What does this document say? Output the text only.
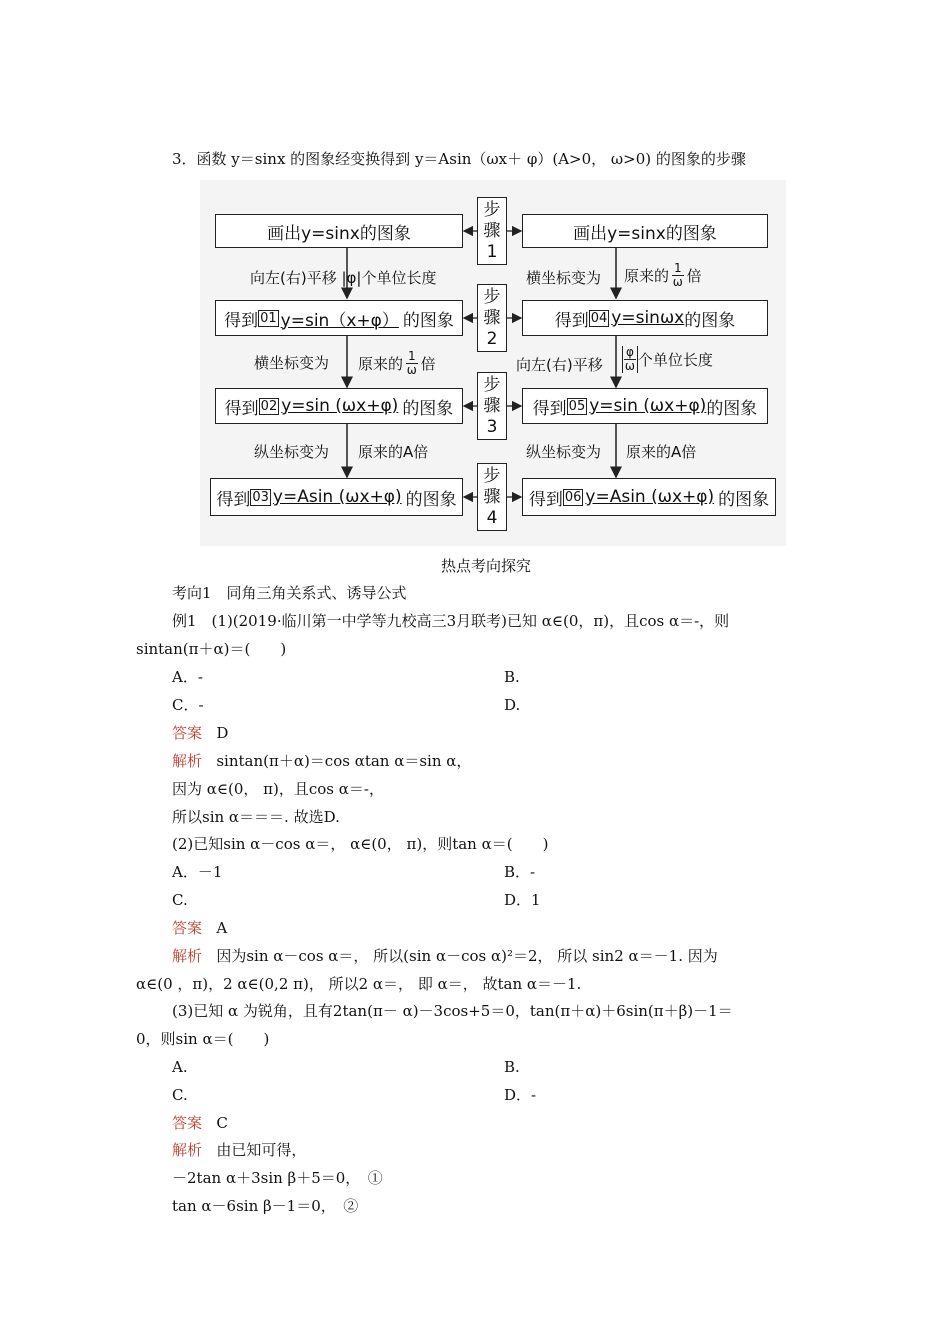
3．函数 y＝sinx 的图象经变换得到 y＝Asin（ωx＋ φ）(A>0， ω>0) 的图象的步骤
画出y=sinx的图象
向左(右)平移 |φ|个单位长度
得到 01 y=sin（x+φ） 的图象
横坐标变为 原来的 $\frac{1}{\omega}$ 倍
得到 02 y=sin (ωx+φ) 的图象
纵坐标变为 原来的A倍
得到 03 y=Asin (ωx+φ) 的图象
步
骤
1
步
骤
2
步
骤
3
步
骤
4
画出y=sinx的图象
横坐标变为 原来的 $\frac{1}{\omega}$ 倍
得到 04 y=sinωx 的图象
向左(右)平移 $\frac{\varphi}{\omega}$ 个单位长度
得到 05 y=sin (ωx+φ) 的图象
纵坐标变为 原来的A倍
得到 06 y=Asin (ωx+φ) 的图象
热点考向探究
考向1　同角三角关系式、诱导公式
例1　(1)(2019·临川第一中学等九校高三3月联考)已知 α∈(0，π)，且cos α＝-，则
sintan(π＋α)＝(　　)
A．-	B.
C．-	D.
答案 D
解析 sintan(π＋α)＝cos αtan α＝sin α，
因为 α∈(0， π)，且cos α＝-，
所以sin α＝＝＝. 故选D.
(2)已知sin α－cos α＝， α∈(0， π)，则tan α＝(　　)
A．－1	B．-
C.	D．1
答案 A
解析 因为sin α－cos α＝， 所以(sin α－cos α)²＝2， 所以 sin2 α＝－1. 因为
α∈(0 ，π)，2 α∈(0,2 π)， 所以2 α＝， 即 α＝， 故tan α＝－1.
(3)已知 α 为锐角，且有2tan(π－ α)－3cos+5＝0，tan(π＋α)＋6sin(π＋β)－1＝
0，则sin α＝(　　)
A.	B.
C.	D．-
答案 C
解析 由已知可得，
－2tan α＋3sin β＋5＝0，　①
tan α－6sin β－1＝0，　②
